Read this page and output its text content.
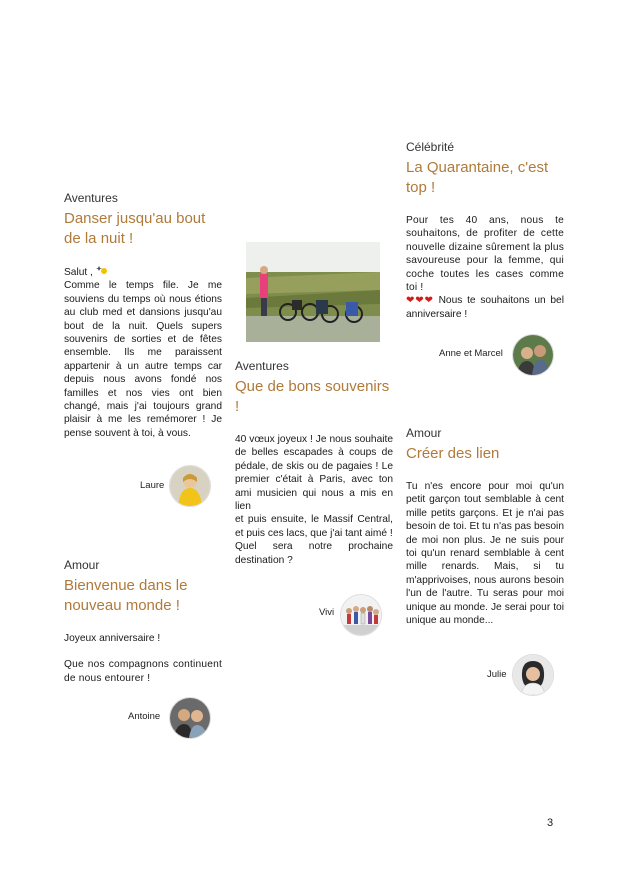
Aventures
Danser jusqu'au bout de la nuit !

Salut ,

Comme le temps file. Je me souviens du temps où nous étions au club med et dansions jusqu'au bout de la nuit. Quels supers souvenirs de sorties et de fêtes ensemble. Ils me paraissent appartenir à un autre temps car depuis nous avons fondé nos familles et nos vies ont bien changé, mais j'ai toujours grand plaisir à me les remémorer ! Je pense souvent à toi, à vous.

Laure
Amour
Bienvenue dans le nouveau monde !

Joyeux anniversaire !

Que nos compagnons continuent de nous entourer !

Antoine
Aventures
Que de bons souvenirs !

40 vœux joyeux ! Je nous souhaite de belles escapades à coups de pédale, de skis ou de pagaies ! Le premier c'était à Paris, avec ton ami musicien qui nous a mis en lien

et puis ensuite, le Massif Central, et puis ces lacs, que j'ai tant aimé !

Quel sera notre prochaine destination ?

Vivi
Célébrité
La Quarantaine, c'est top !

Pour tes 40 ans, nous te souhaitons, de profiter de cette nouvelle dizaine sûrement la plus savoureuse pour la femme, qui coche toutes les cases comme toi !

❤❤❤ Nous te souhaitons un bel anniversaire !

Anne et Marcel
Amour
Créer des lien

Tu n'es encore pour moi qu'un petit garçon tout semblable à cent mille petits garçons. Et je n'ai pas besoin de toi. Et tu n'as pas besoin de moi non plus. Je ne suis pour toi qu'un renard semblable à cent mille renards. Mais, si tu m'apprivoises, nous aurons besoin l'un de l'autre. Tu seras pour moi unique au monde. Je serai pour toi unique au monde...

Julie
3
